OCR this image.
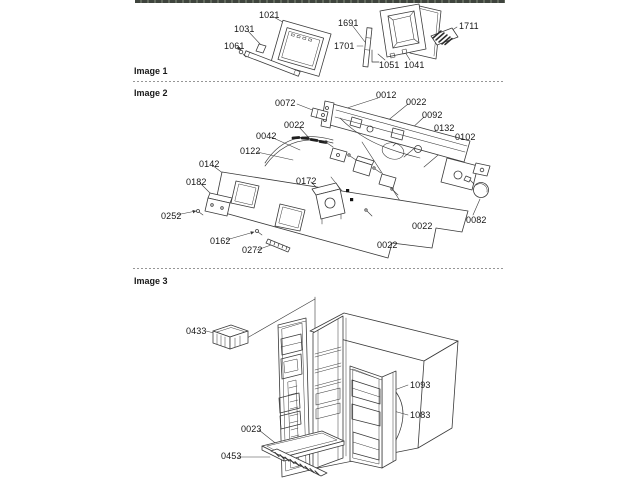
Image 1
Image 2
Image 3
1021
1031
1061
1691
1701
1051 1041
1711
0072
0012
0022
0092
0132
0102
0022
0042
0122
0142
0182	0172
0252
0162
0272
0022
0022
0082
0433
1093
1083
0023
0453
